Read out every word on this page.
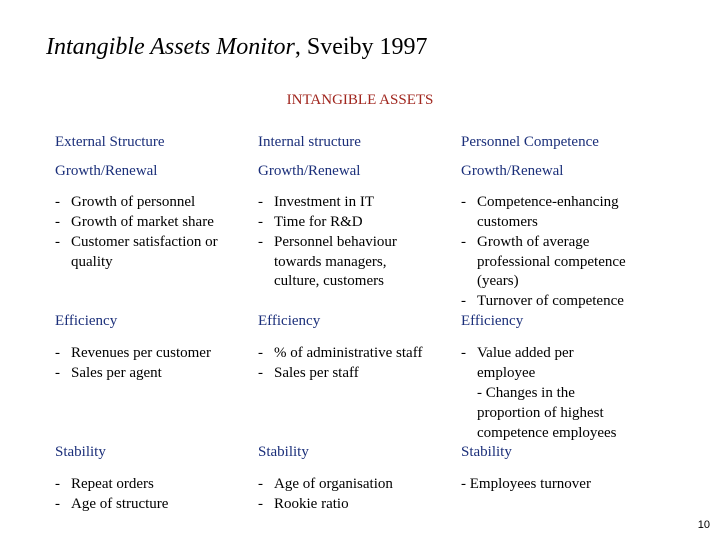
Intangible Assets Monitor, Sveiby 1997
INTANGIBLE ASSETS
External Structure
Growth/Renewal
- Growth of personnel
- Growth of market share
- Customer satisfaction or
quality
Efficiency
- Revenues per customer
- Sales per agent
Stability
- Repeat orders
- Age of structure
Internal structure
Growth/Renewal
- Investment in IT
- Time for R&D
- Personnel behaviour
towards managers,
culture, customers
Efficiency
- % of administrative staff
- Sales per staff
Stability
- Age of organisation
- Rookie ratio
Personnel Competence
Growth/Renewal
- Competence-enhancing
customers
- Growth of average
professional competence
(years)
- Turnover of competence
Efficiency
- Value added per
employee
- Changes in the
proportion of highest
competence employees
Stability
- Employees turnover
10
